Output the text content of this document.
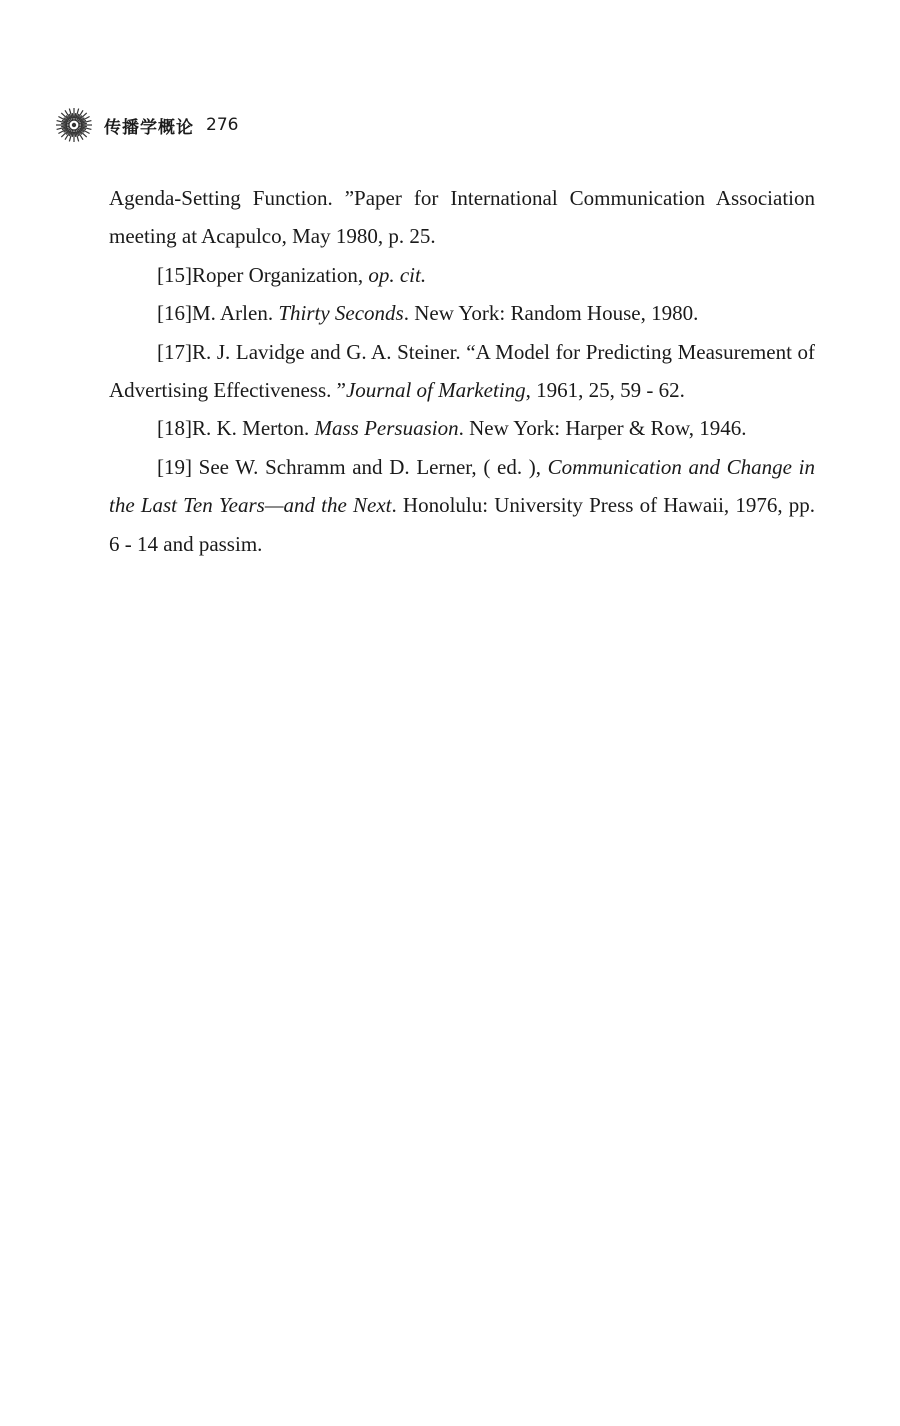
传播学概论 276

Agenda-Setting Function. ”Paper for International Communication Association meeting at Acapulco, May 1980, p. 25.

[15]Roper Organization, op. cit.

[16]M. Arlen. Thirty Seconds. New York: Random House, 1980.

[17]R. J. Lavidge and G. A. Steiner. “A Model for Predicting Measurement of Advertising Effectiveness. ”Journal of Marketing, 1961, 25, 59 - 62.

[18]R. K. Merton. Mass Persuasion. New York: Harper & Row, 1946.

[19] See W. Schramm and D. Lerner, ( ed. ), Communication and Change in the Last Ten Years—and the Next. Honolulu: University Press of Hawaii, 1976, pp. 6 - 14 and passim.
